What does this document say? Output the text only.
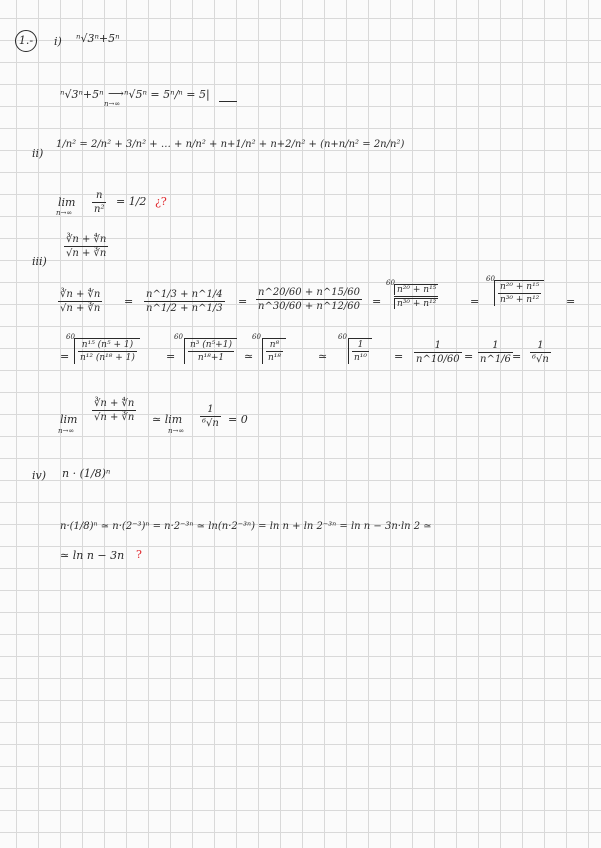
1.-	i) ⁿ√3ⁿ+5ⁿ
ⁿ√3ⁿ+5ⁿ ⟶
n→∞
ⁿ√5ⁿ = 5ⁿ/ⁿ = 5|
ii)
1/n² = 2/n² + 3/n² + … + n/n² + n+1/n² + n+2/n² + (n+n/n² = 2n/n²)
lim
n→∞
n
n²
= 1/2 ¿?
iii)
∛n + ∜n
√n + ∛n
∛n + ∜n
√n + ∛n
=
n^1/3 + n^1/4
n^1/2 + n^1/3
=
n^20/60 + n^15/60
n^30/60 + n^12/60 =
60
$\frac{\text{n²⁰ + n¹⁵}}{\text{n³⁰ + n¹²}}$	=
60
n²⁰ + n¹⁵
n³⁰ + n¹² =
=
60
n¹⁵ (n⁵ + 1)
n¹² (n¹⁸ + 1)	=
60
n³ (n⁵+1)
n¹⁸+1	≃
60
n⁸
n¹⁸	≃
60
1
n¹⁰ =
1
n^10/60 =
1
n^1/6 =
1
⁶√n
lim
n→∞
∛n + ∜n
√n + ∛n ≃ lim
n→∞
1
⁶√n = 0
iv) n · (1/8)ⁿ
n·(1/8)ⁿ ≃ n·(2⁻³)ⁿ = n·2⁻³ⁿ ≃ ln(n·2⁻³ⁿ) = ln n + ln 2⁻³ⁿ = ln n − 3n·ln 2 ≃
≃ ln n − 3n ?
